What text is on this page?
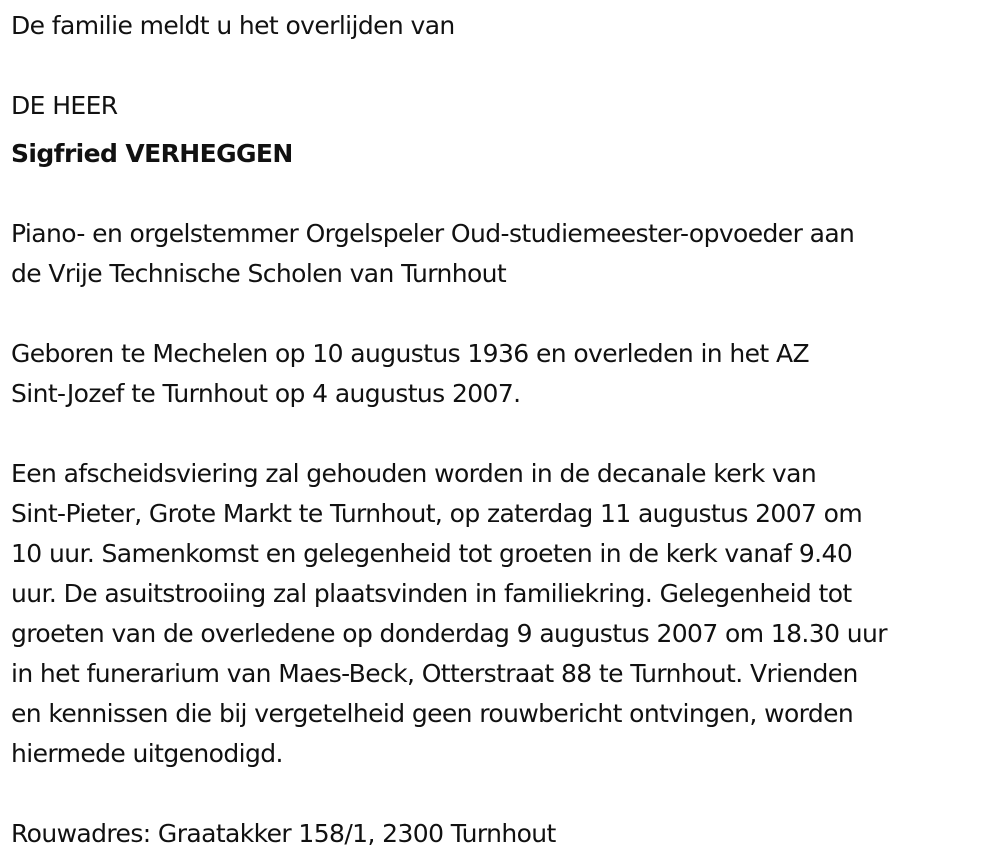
De familie meldt u het overlijden van

DE HEER

Sigfried VERHEGGEN

Piano- en orgelstemmer Orgelspeler Oud-studiemeester-opvoeder aan

de Vrije Technische Scholen van Turnhout

Geboren te Mechelen op 10 augustus 1936 en overleden in het AZ

Sint-Jozef te Turnhout op 4 augustus 2007.

Een afscheidsviering zal gehouden worden in de decanale kerk van

Sint-Pieter, Grote Markt te Turnhout, op zaterdag 11 augustus 2007 om

10 uur. Samenkomst en gelegenheid tot groeten in de kerk vanaf 9.40

uur. De asuitstrooiing zal plaatsvinden in familiekring. Gelegenheid tot

groeten van de overledene op donderdag 9 augustus 2007 om 18.30 uur

in het funerarium van Maes-Beck, Otterstraat 88 te Turnhout. Vrienden

en kennissen die bij vergetelheid geen rouwbericht ontvingen, worden

hiermede uitgenodigd.

Rouwadres: Graatakker 158/1, 2300 Turnhout
